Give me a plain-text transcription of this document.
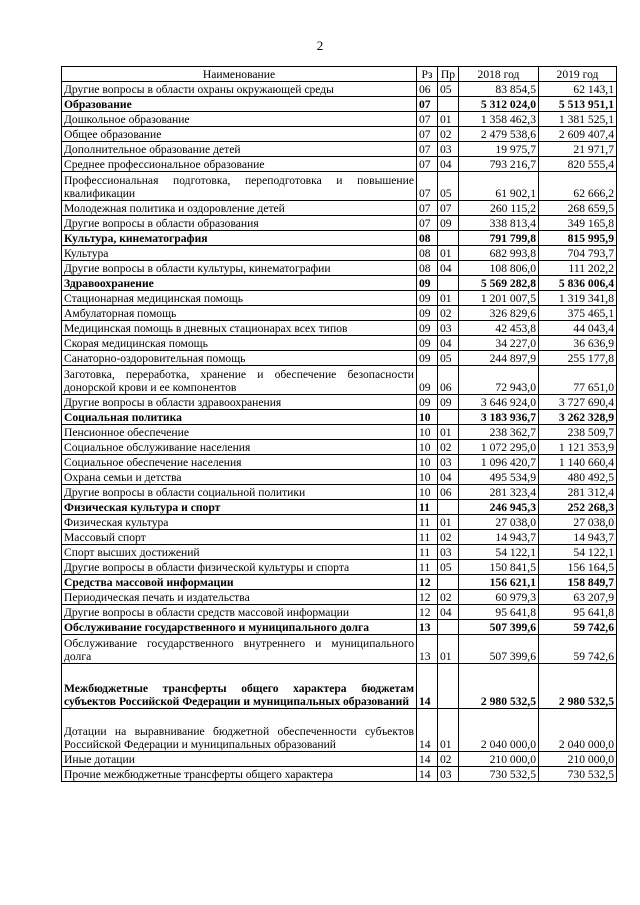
2
Наименование	Рз	Пр	2018 год	2019 год
Другие вопросы в области охраны окружающей среды	06	05	83 854,5	62 143,1
Образование	07		5 312 024,0	5 513 951,1
Дошкольное образование	07	01	1 358 462,3	1 381 525,1
Общее образование	07	02	2 479 538,6	2 609 407,4
Дополнительное образование детей	07	03	19 975,7	21 971,7
Среднее профессиональное образование	07	04	793 216,7	820 555,4
Профессиональная подготовка, переподготовка и повышение квалификации	07	05	61 902,1	62 666,2
Молодежная политика и оздоровление детей	07	07	260 115,2	268 659,5
Другие вопросы в области образования	07	09	338 813,4	349 165,8
Культура, кинематография	08		791 799,8	815 995,9
Культура	08	01	682 993,8	704 793,7
Другие вопросы в области культуры, кинематографии	08	04	108 806,0	111 202,2
Здравоохранение	09		5 569 282,8	5 836 006,4
Стационарная медицинская помощь	09	01	1 201 007,5	1 319 341,8
Амбулаторная помощь	09	02	326 829,6	375 465,1
Медицинская помощь в дневных стационарах всех типов	09	03	42 453,8	44 043,4
Скорая медицинская помощь	09	04	34 227,0	36 636,9
Санаторно-оздоровительная помощь	09	05	244 897,9	255 177,8
Заготовка, переработка, хранение и обеспечение безопасности донорской крови и ее компонентов	09	06	72 943,0	77 651,0
Другие вопросы в области здравоохранения	09	09	3 646 924,0	3 727 690,4
Социальная политика	10		3 183 936,7	3 262 328,9
Пенсионное обеспечение	10	01	238 362,7	238 509,7
Социальное обслуживание населения	10	02	1 072 295,0	1 121 353,9
Социальное обеспечение населения	10	03	1 096 420,7	1 140 660,4
Охрана семьи и детства	10	04	495 534,9	480 492,5
Другие вопросы в области социальной политики	10	06	281 323,4	281 312,4
Физическая культура и спорт	11		246 945,3	252 268,3
Физическая культура	11	01	27 038,0	27 038,0
Массовый спорт	11	02	14 943,7	14 943,7
Спорт высших достижений	11	03	54 122,1	54 122,1
Другие вопросы в области физической культуры и спорта	11	05	150 841,5	156 164,5
Средства массовой информации	12		156 621,1	158 849,7
Периодическая печать и издательства	12	02	60 979,3	63 207,9
Другие вопросы в области средств массовой информации	12	04	95 641,8	95 641,8
Обслуживание государственного и муниципального долга	13		507 399,6	59 742,6
Обслуживание государственного внутреннего и муниципального долга	13	01	507 399,6	59 742,6
Межбюджетные трансферты общего характера бюджетам субъектов Российской Федерации и муниципальных образований	14		2 980 532,5	2 980 532,5
Дотации на выравнивание бюджетной обеспеченности субъектов Российской Федерации и муниципальных образований	14	01	2 040 000,0	2 040 000,0
Иные дотации	14	02	210 000,0	210 000,0
Прочие межбюджетные трансферты общего характера	14	03	730 532,5	730 532,5
